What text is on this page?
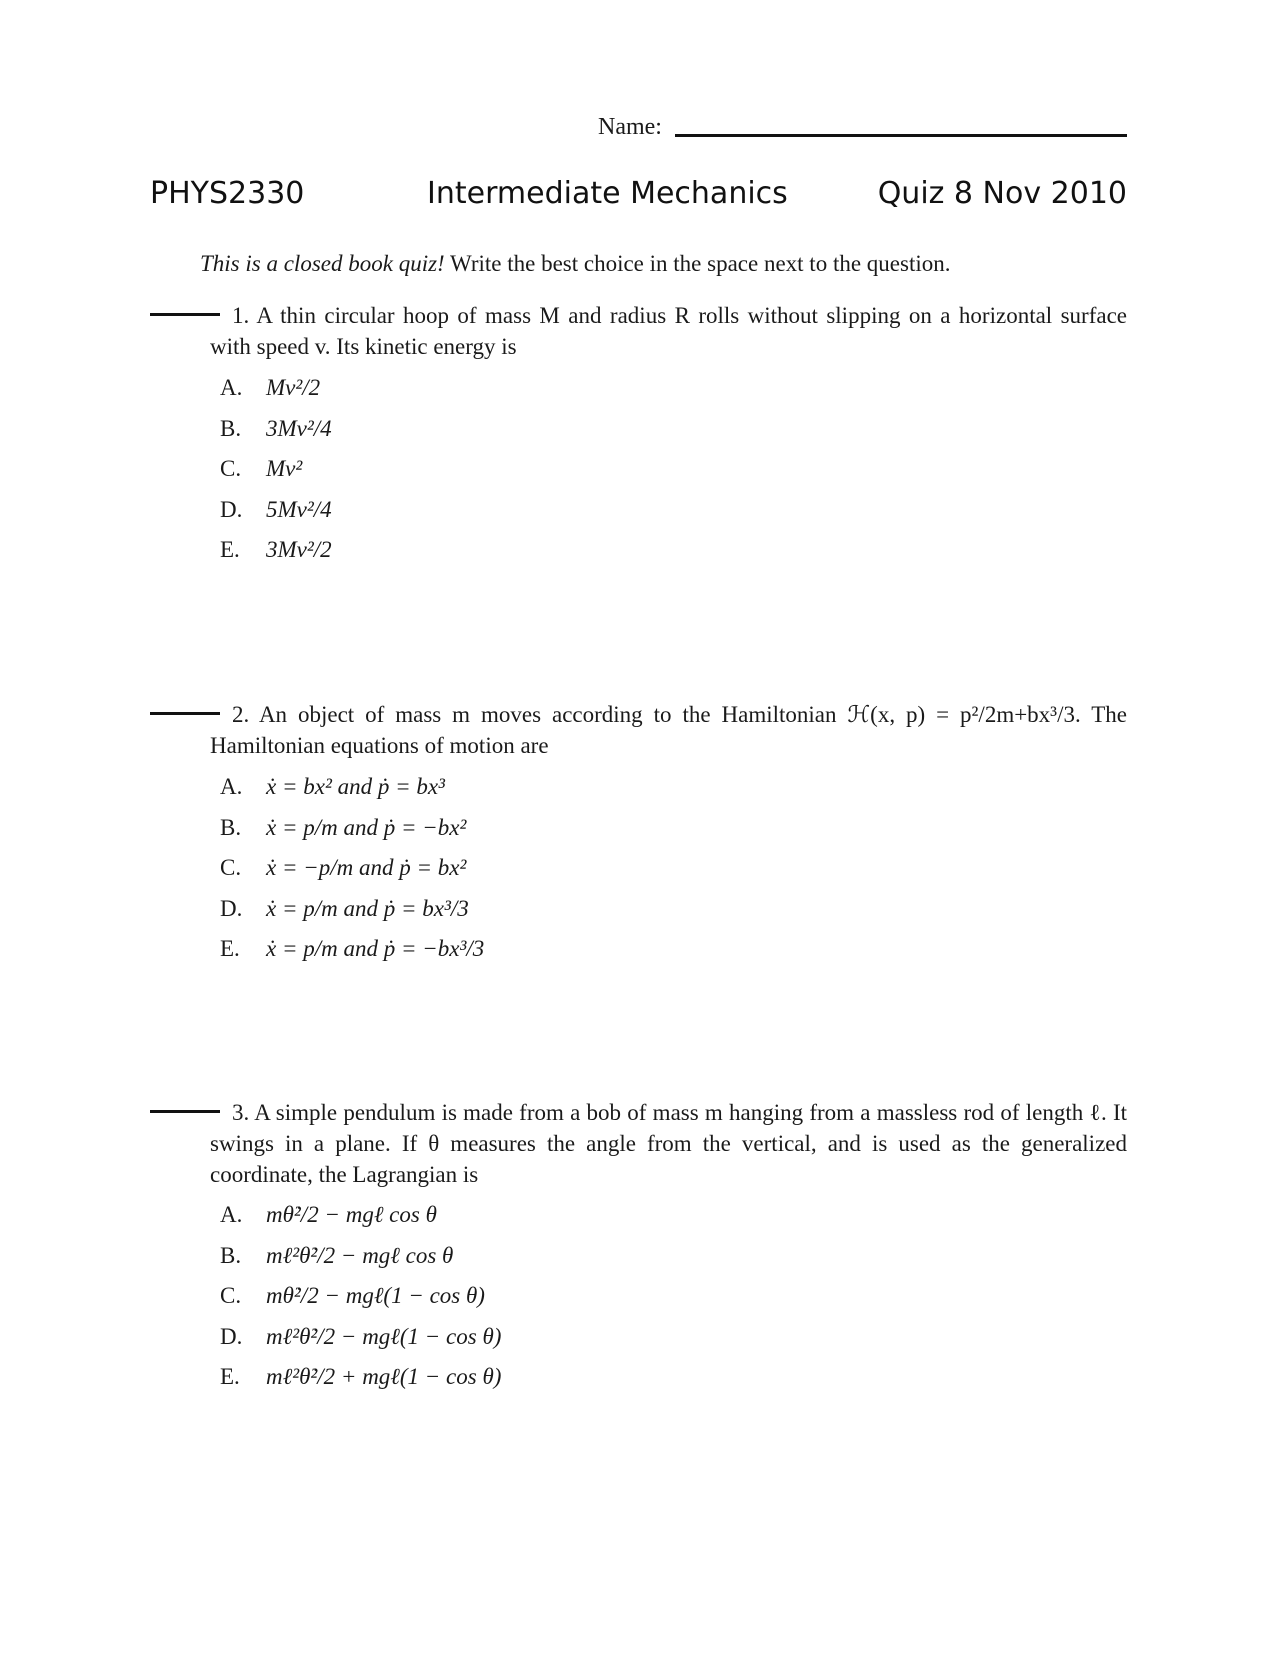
Name:
PHYS2330	Intermediate Mechanics	Quiz 8 Nov 2010
This is a closed book quiz! Write the best choice in the space next to the question.
1. A thin circular hoop of mass M and radius R rolls without slipping on a horizontal surface with speed v. Its kinetic energy is
A. Mv²/2
B. 3Mv²/4
C. Mv²
D. 5Mv²/4
E. 3Mv²/2
2. An object of mass m moves according to the Hamiltonian ℋ(x, p) = p²/2m+bx³/3. The Hamiltonian equations of motion are
A. ẋ = bx² and ṗ = bx³
B. ẋ = p/m and ṗ = −bx²
C. ẋ = −p/m and ṗ = bx²
D. ẋ = p/m and ṗ = bx³/3
E. ẋ = p/m and ṗ = −bx³/3
3. A simple pendulum is made from a bob of mass m hanging from a massless rod of length ℓ. It swings in a plane. If θ measures the angle from the vertical, and is used as the generalized coordinate, the Lagrangian is
A. mθ̇²/2 − mgℓ cos θ
B. mℓ²θ̇²/2 − mgℓ cos θ
C. mθ̇²/2 − mgℓ(1 − cos θ)
D. mℓ²θ̇²/2 − mgℓ(1 − cos θ)
E. mℓ²θ̇²/2 + mgℓ(1 − cos θ)
